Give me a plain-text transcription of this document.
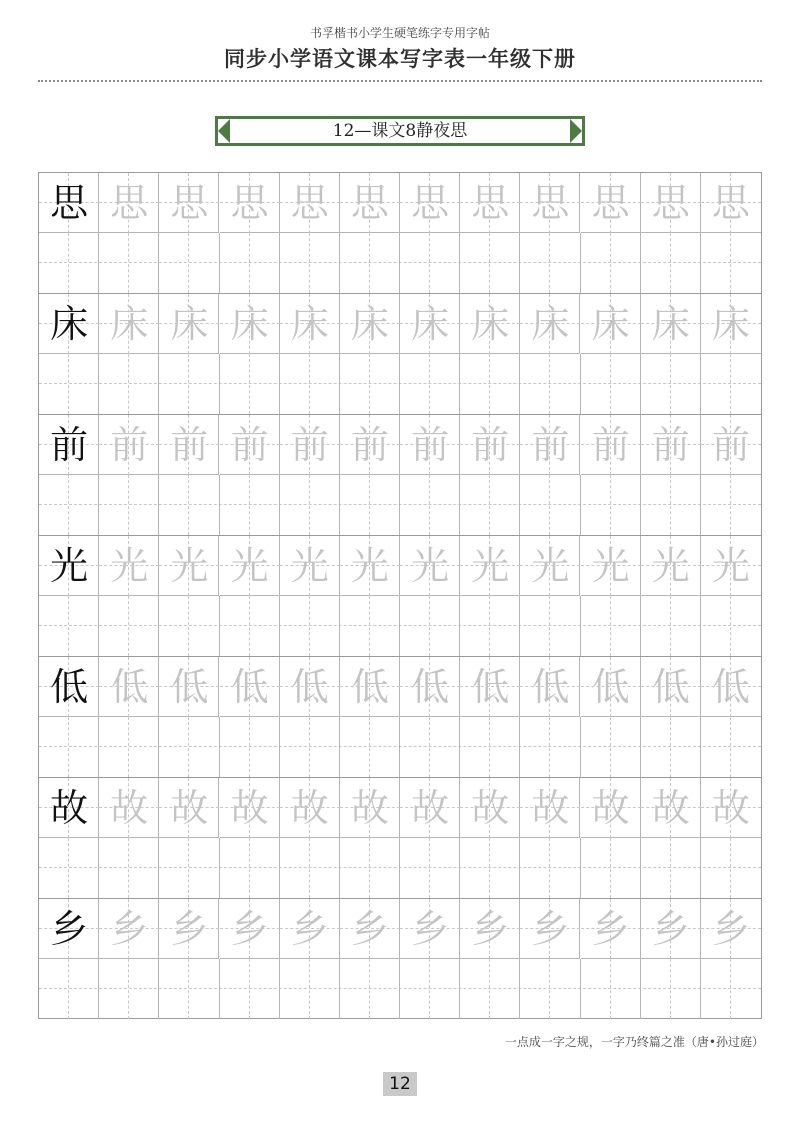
书孚楷书小学生硬笔练字专用字帖
同步小学语文课本写字表一年级下册
12—课文8静夜思
思 思 思 思 思 思 思 思 思 思 思 思
床 床 床 床 床 床 床 床 床 床 床 床
前 前 前 前 前 前 前 前 前 前 前 前
光 光 光 光 光 光 光 光 光 光 光 光
低 低 低 低 低 低 低 低 低 低 低 低
故 故 故 故 故 故 故 故 故 故 故 故
乡 乡 乡 乡 乡 乡 乡 乡 乡 乡 乡 乡
一点成一字之规，一字乃终篇之准（唐•孙过庭）
12
